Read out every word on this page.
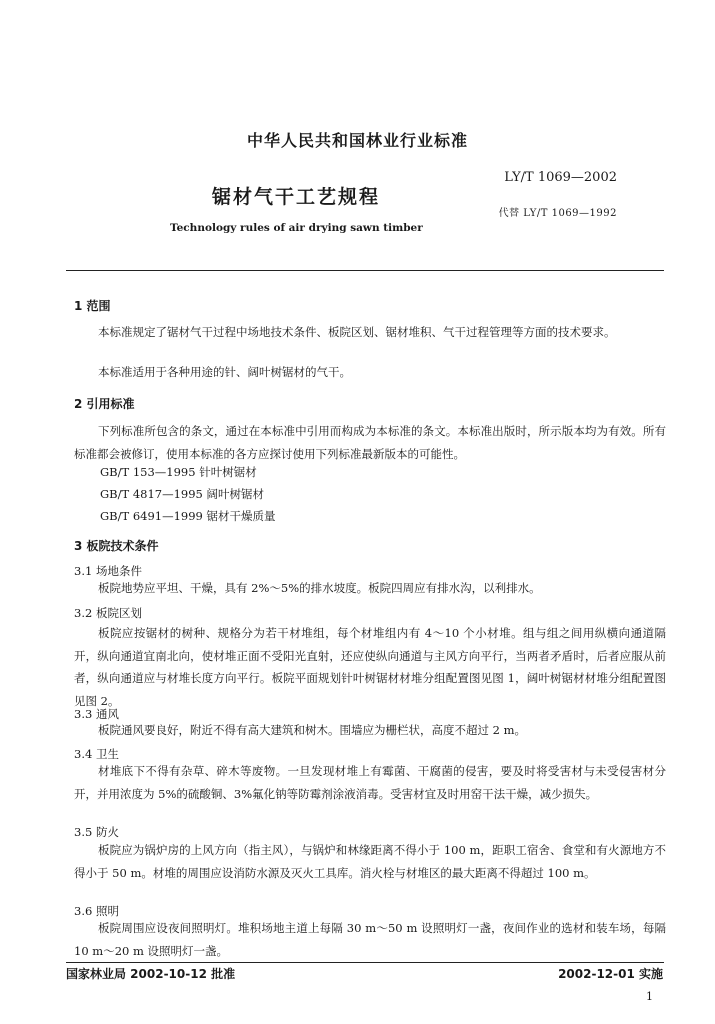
中华人民共和国林业行业标准
LY/T 1069—2002
锯材气干工艺规程
代替 LY/T 1069—1992
Technology rules of air drying sawn timber
1 范围
本标准规定了锯材气干过程中场地技术条件、板院区划、锯材堆积、气干过程管理等方面的技术要求。
本标准适用于各种用途的针、阔叶树锯材的气干。
2 引用标准
下列标准所包含的条文，通过在本标准中引用而构成为本标准的条文。本标准出版时，所示版本均为有效。所有标准都会被修订，使用本标准的各方应探讨使用下列标准最新版本的可能性。
GB/T 153—1995 针叶树锯材
GB/T 4817—1995 阔叶树锯材
GB/T 6491—1999 锯材干燥质量
3 板院技术条件
3.1 场地条件
板院地势应平坦、干燥，具有 2%～5%的排水坡度。板院四周应有排水沟，以利排水。
3.2 板院区划
板院应按锯材的树种、规格分为若干材堆组，每个材堆组内有 4～10 个小材堆。组与组之间用纵横向通道隔开，纵向通道宜南北向，使材堆正面不受阳光直射，还应使纵向通道与主风方向平行，当两者矛盾时，后者应服从前者，纵向通道应与材堆长度方向平行。板院平面规划针叶树锯材材堆分组配置图见图 1，阔叶树锯材材堆分组配置图见图 2。
3.3 通风
板院通风要良好，附近不得有高大建筑和树木。围墙应为栅栏状，高度不超过 2 m。
3.4 卫生
材堆底下不得有杂草、碎木等废物。一旦发现材堆上有霉菌、干腐菌的侵害，要及时将受害材与未受侵害材分开，并用浓度为 5%的硫酸铜、3%氟化钠等防霉剂涂液消毒。受害材宜及时用窑干法干燥，减少损失。
3.5 防火
板院应为锅炉房的上风方向（指主风），与锅炉和林缘距离不得小于 100 m，距职工宿舍、食堂和有火源地方不得小于 50 m。材堆的周围应设消防水源及灭火工具库。消火栓与材堆区的最大距离不得超过 100 m。
3.6 照明
板院周围应设夜间照明灯。堆积场地主道上每隔 30 m～50 m 设照明灯一盏，夜间作业的选材和装车场，每隔 10 m～20 m 设照明灯一盏。
国家林业局 2002-10-12 批准	2002-12-01 实施
1
